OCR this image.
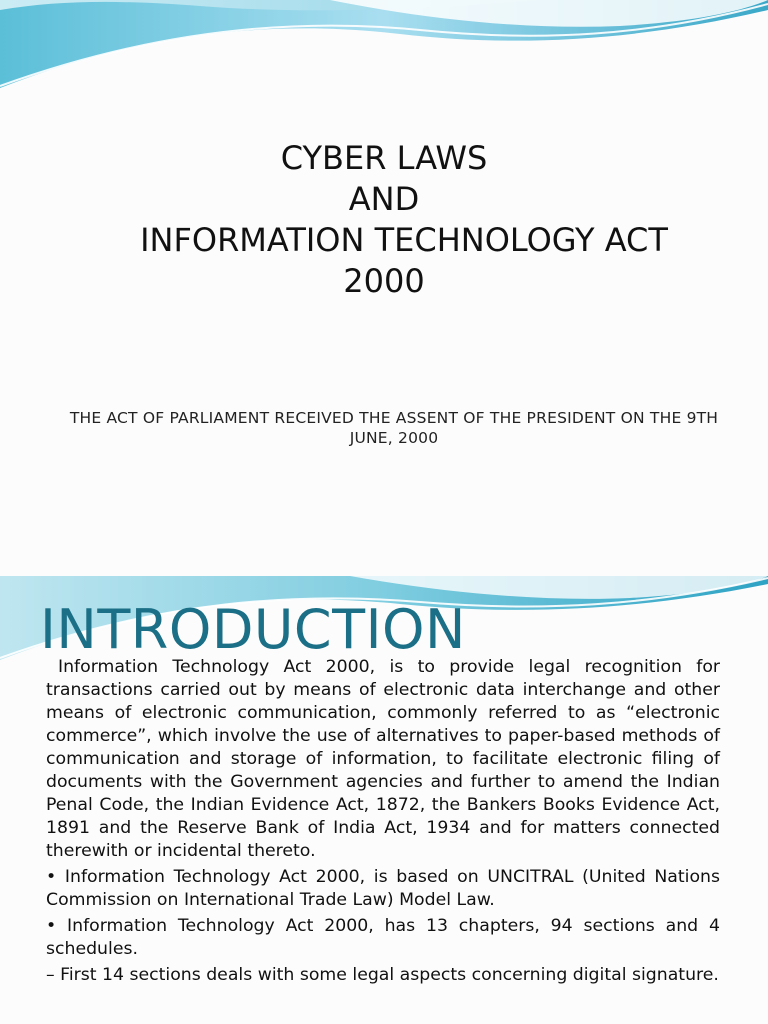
CYBER LAWS
AND
INFORMATION TECHNOLOGY ACT
2000
THE ACT OF PARLIAMENT RECEIVED THE ASSENT OF THE PRESIDENT ON THE 9TH JUNE, 2000
INTRODUCTION

Information Technology Act 2000, is to provide legal recognition for transactions carried out by means of electronic data interchange and other means of electronic communication, commonly referred to as “electronic commerce”, which involve the use of alternatives to paper-based methods of communication and storage of information, to facilitate electronic filing of documents with the Government agencies and further to amend the Indian Penal Code, the Indian Evidence Act, 1872, the Bankers Books Evidence Act, 1891 and the Reserve Bank of India Act, 1934 and for matters connected therewith or incidental thereto.

• Information Technology Act 2000, is based on UNCITRAL (United Nations Commission on International Trade Law) Model Law.

• Information Technology Act 2000, has 13 chapters, 94 sections and 4 schedules.

– First 14 sections deals with some legal aspects concerning digital signature.
